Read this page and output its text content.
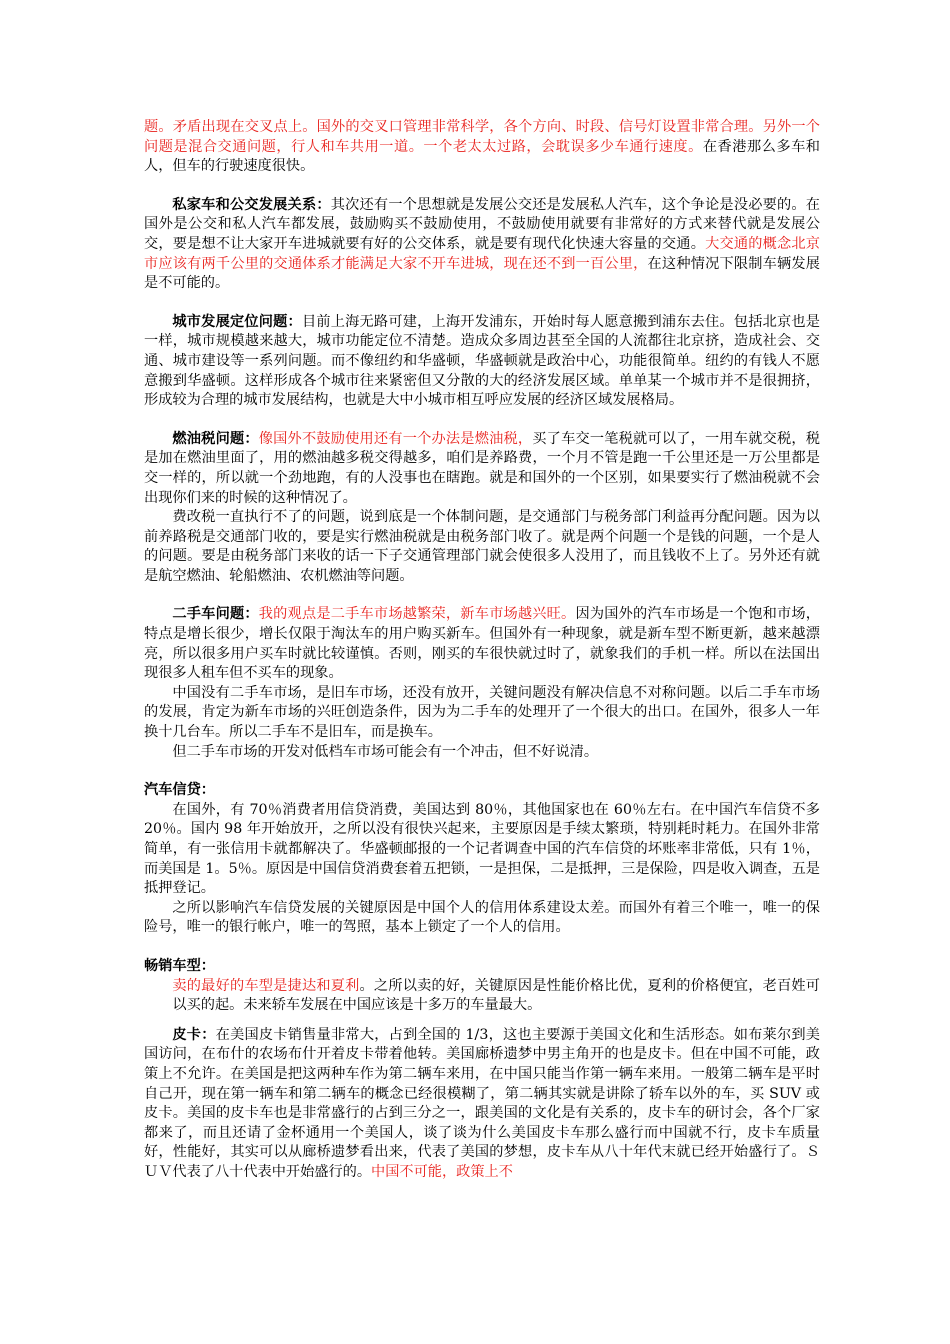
题。矛盾出现在交叉点上。国外的交叉口管理非常科学，各个方向、时段、信号灯设置非常合理。另外一个问题是混合交通问题，行人和车共用一道。一个老太太过路，会耽误多少车通行速度。在香港那么多车和人，但车的行驶速度很快。

私家车和公交发展关系：其次还有一个思想就是发展公交还是发展私人汽车，这个争论是没必要的。在国外是公交和私人汽车都发展，鼓励购买不鼓励使用，不鼓励使用就要有非常好的方式来替代就是发展公交，要是想不让大家开车进城就要有好的公交体系，就是要有现代化快速大容量的交通。大交通的概念北京市应该有两千公里的交通体系才能满足大家不开车进城，现在还不到一百公里，在这种情况下限制车辆发展是不可能的。

城市发展定位问题：目前上海无路可建，上海开发浦东，开始时每人愿意搬到浦东去住。包括北京也是一样，城市规模越来越大，城市功能定位不清楚。造成众多周边甚至全国的人流都往北京挤，造成社会、交通、城市建设等一系列问题。而不像纽约和华盛顿，华盛顿就是政治中心，功能很简单。纽约的有钱人不愿意搬到华盛顿。这样形成各个城市往来紧密但又分散的大的经济发展区域。单单某一个城市并不是很拥挤，形成较为合理的城市发展结构，也就是大中小城市相互呼应发展的经济区域发展格局。

燃油税问题：像国外不鼓励使用还有一个办法是燃油税，买了车交一笔税就可以了，一用车就交税，税是加在燃油里面了，用的燃油越多税交得越多，咱们是养路费，一个月不管是跑一千公里还是一万公里都是交一样的，所以就一个劲地跑，有的人没事也在瞎跑。就是和国外的一个区别，如果要实行了燃油税就不会出现你们来的时候的这种情况了。

费改税一直执行不了的问题，说到底是一个体制问题，是交通部门与税务部门利益再分配问题。因为以前养路税是交通部门收的，要是实行燃油税就是由税务部门收了。就是两个问题一个是钱的问题，一个是人的问题。要是由税务部门来收的话一下子交通管理部门就会使很多人没用了，而且钱收不上了。另外还有就是航空燃油、轮船燃油、农机燃油等问题。

二手车问题：我的观点是二手车市场越繁荣，新车市场越兴旺。因为国外的汽车市场是一个饱和市场，特点是增长很少，增长仅限于淘汰车的用户购买新车。但国外有一种现象，就是新车型不断更新，越来越漂亮，所以很多用户买车时就比较谨慎。否则，刚买的车很快就过时了，就象我们的手机一样。所以在法国出现很多人租车但不买车的现象。

中国没有二手车市场，是旧车市场，还没有放开，关键问题没有解决信息不对称问题。以后二手车市场的发展，肯定为新车市场的兴旺创造条件，因为为二手车的处理开了一个很大的出口。在国外，很多人一年换十几台车。所以二手车不是旧车，而是换车。

但二手车市场的开发对低档车市场可能会有一个冲击，但不好说清。

汽车信贷：

在国外，有 70％消费者用信贷消费，美国达到 80％，其他国家也在 60％左右。在中国汽车信贷不多 20％。国内 98 年开始放开，之所以没有很快兴起来，主要原因是手续太繁琐，特别耗时耗力。在国外非常简单，有一张信用卡就都解决了。华盛顿邮报的一个记者调查中国的汽车信贷的坏账率非常低，只有 1％，而美国是 1。5％。原因是中国信贷消费套着五把锁，一是担保，二是抵押，三是保险，四是收入调查，五是抵押登记。

之所以影响汽车信贷发展的关键原因是中国个人的信用体系建设太差。而国外有着三个唯一，唯一的保险号，唯一的银行帐户，唯一的驾照，基本上锁定了一个人的信用。

畅销车型：

卖的最好的车型是捷达和夏利。之所以卖的好，关键原因是性能价格比优，夏利的价格便宜，老百姓可以买的起。未来轿车发展在中国应该是十多万的车量最大。

皮卡：在美国皮卡销售量非常大，占到全国的 1/3，这也主要源于美国文化和生活形态。如布莱尔到美国访问，在布什的农场布什开着皮卡带着他转。美国廊桥遗梦中男主角开的也是皮卡。但在中国不可能，政策上不允许。在美国是把这两种车作为第二辆车来用，在中国只能当作第一辆车来用。一般第二辆车是平时自己开，现在第一辆车和第二辆车的概念已经很模糊了，第二辆其实就是讲除了轿车以外的车，买 SUV 或皮卡。美国的皮卡车也是非常盛行的占到三分之一，跟美国的文化是有关系的，皮卡车的研讨会，各个厂家都来了，而且还请了金杯通用一个美国人，谈了谈为什么美国皮卡车那么盛行而中国就不行，皮卡车质量好，性能好，其实可以从廊桥遗梦看出来，代表了美国的梦想，皮卡车从八十年代末就已经开始盛行了。ＳＵＶ代表了八十代表中开始盛行的。中国不可能，政策上不
